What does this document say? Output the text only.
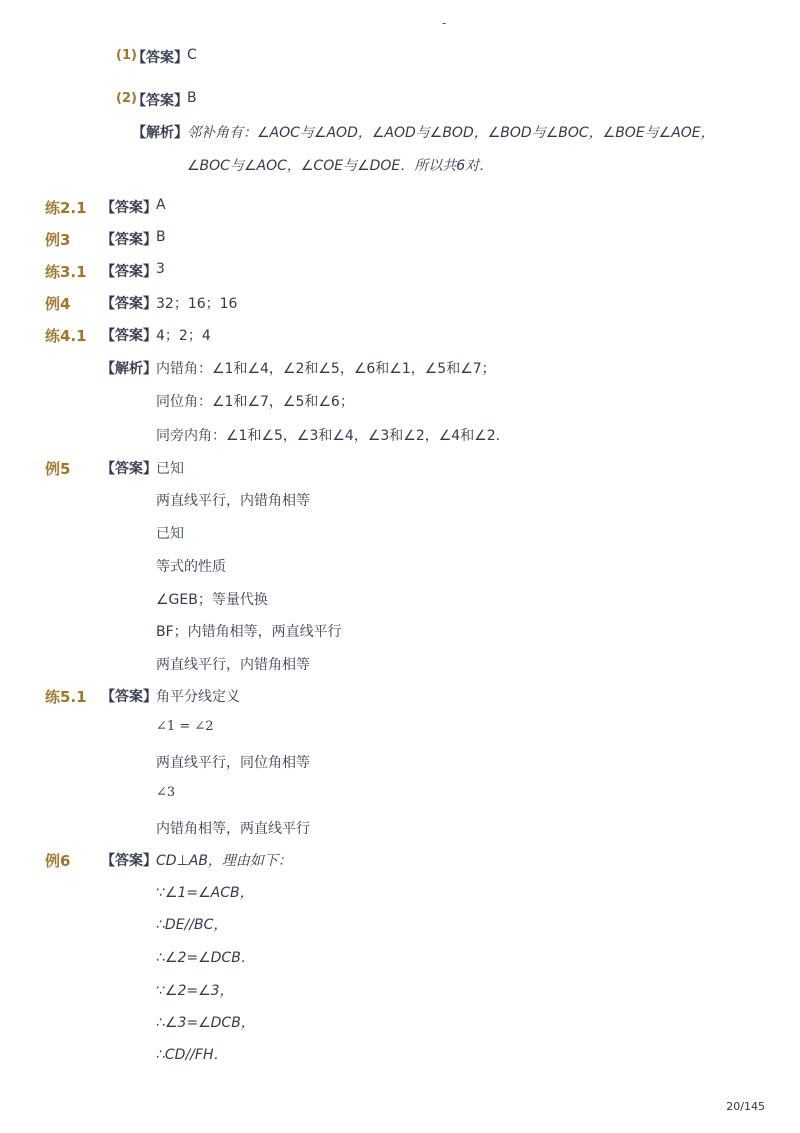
-
(1)
【答案】 C
(2)
【答案】 B
【解析】 邻补角有：∠AOC与∠AOD，∠AOD与∠BOD，∠BOD与∠BOC，∠BOE与∠AOE，
∠BOC与∠AOC，∠COE与∠DOE．所以共6对．
练2.1 【答案】 A
例3 【答案】 B
练3.1 【答案】 3
例4 【答案】 32；16；16
练4.1 【答案】 4；2；4
【解析】 内错角：∠1和∠4，∠2和∠5，∠6和∠1，∠5和∠7；
同位角：∠1和∠7，∠5和∠6；
同旁内角：∠1和∠5，∠3和∠4，∠3和∠2，∠4和∠2．
例5 【答案】 已知
两直线平行，内错角相等
已知
等式的性质
∠GEB；等量代换
BF；内错角相等，两直线平行
两直线平行，内错角相等
练5.1 【答案】 角平分线定义
∠1 = ∠2
两直线平行，同位角相等
∠3
内错角相等，两直线平行
例6 【答案】 CD⊥AB，理由如下：
∵∠1=∠ACB，
∴DE//BC，
∴∠2=∠DCB．
∵∠2=∠3，
∴∠3=∠DCB，
∴CD//FH．
20/145
